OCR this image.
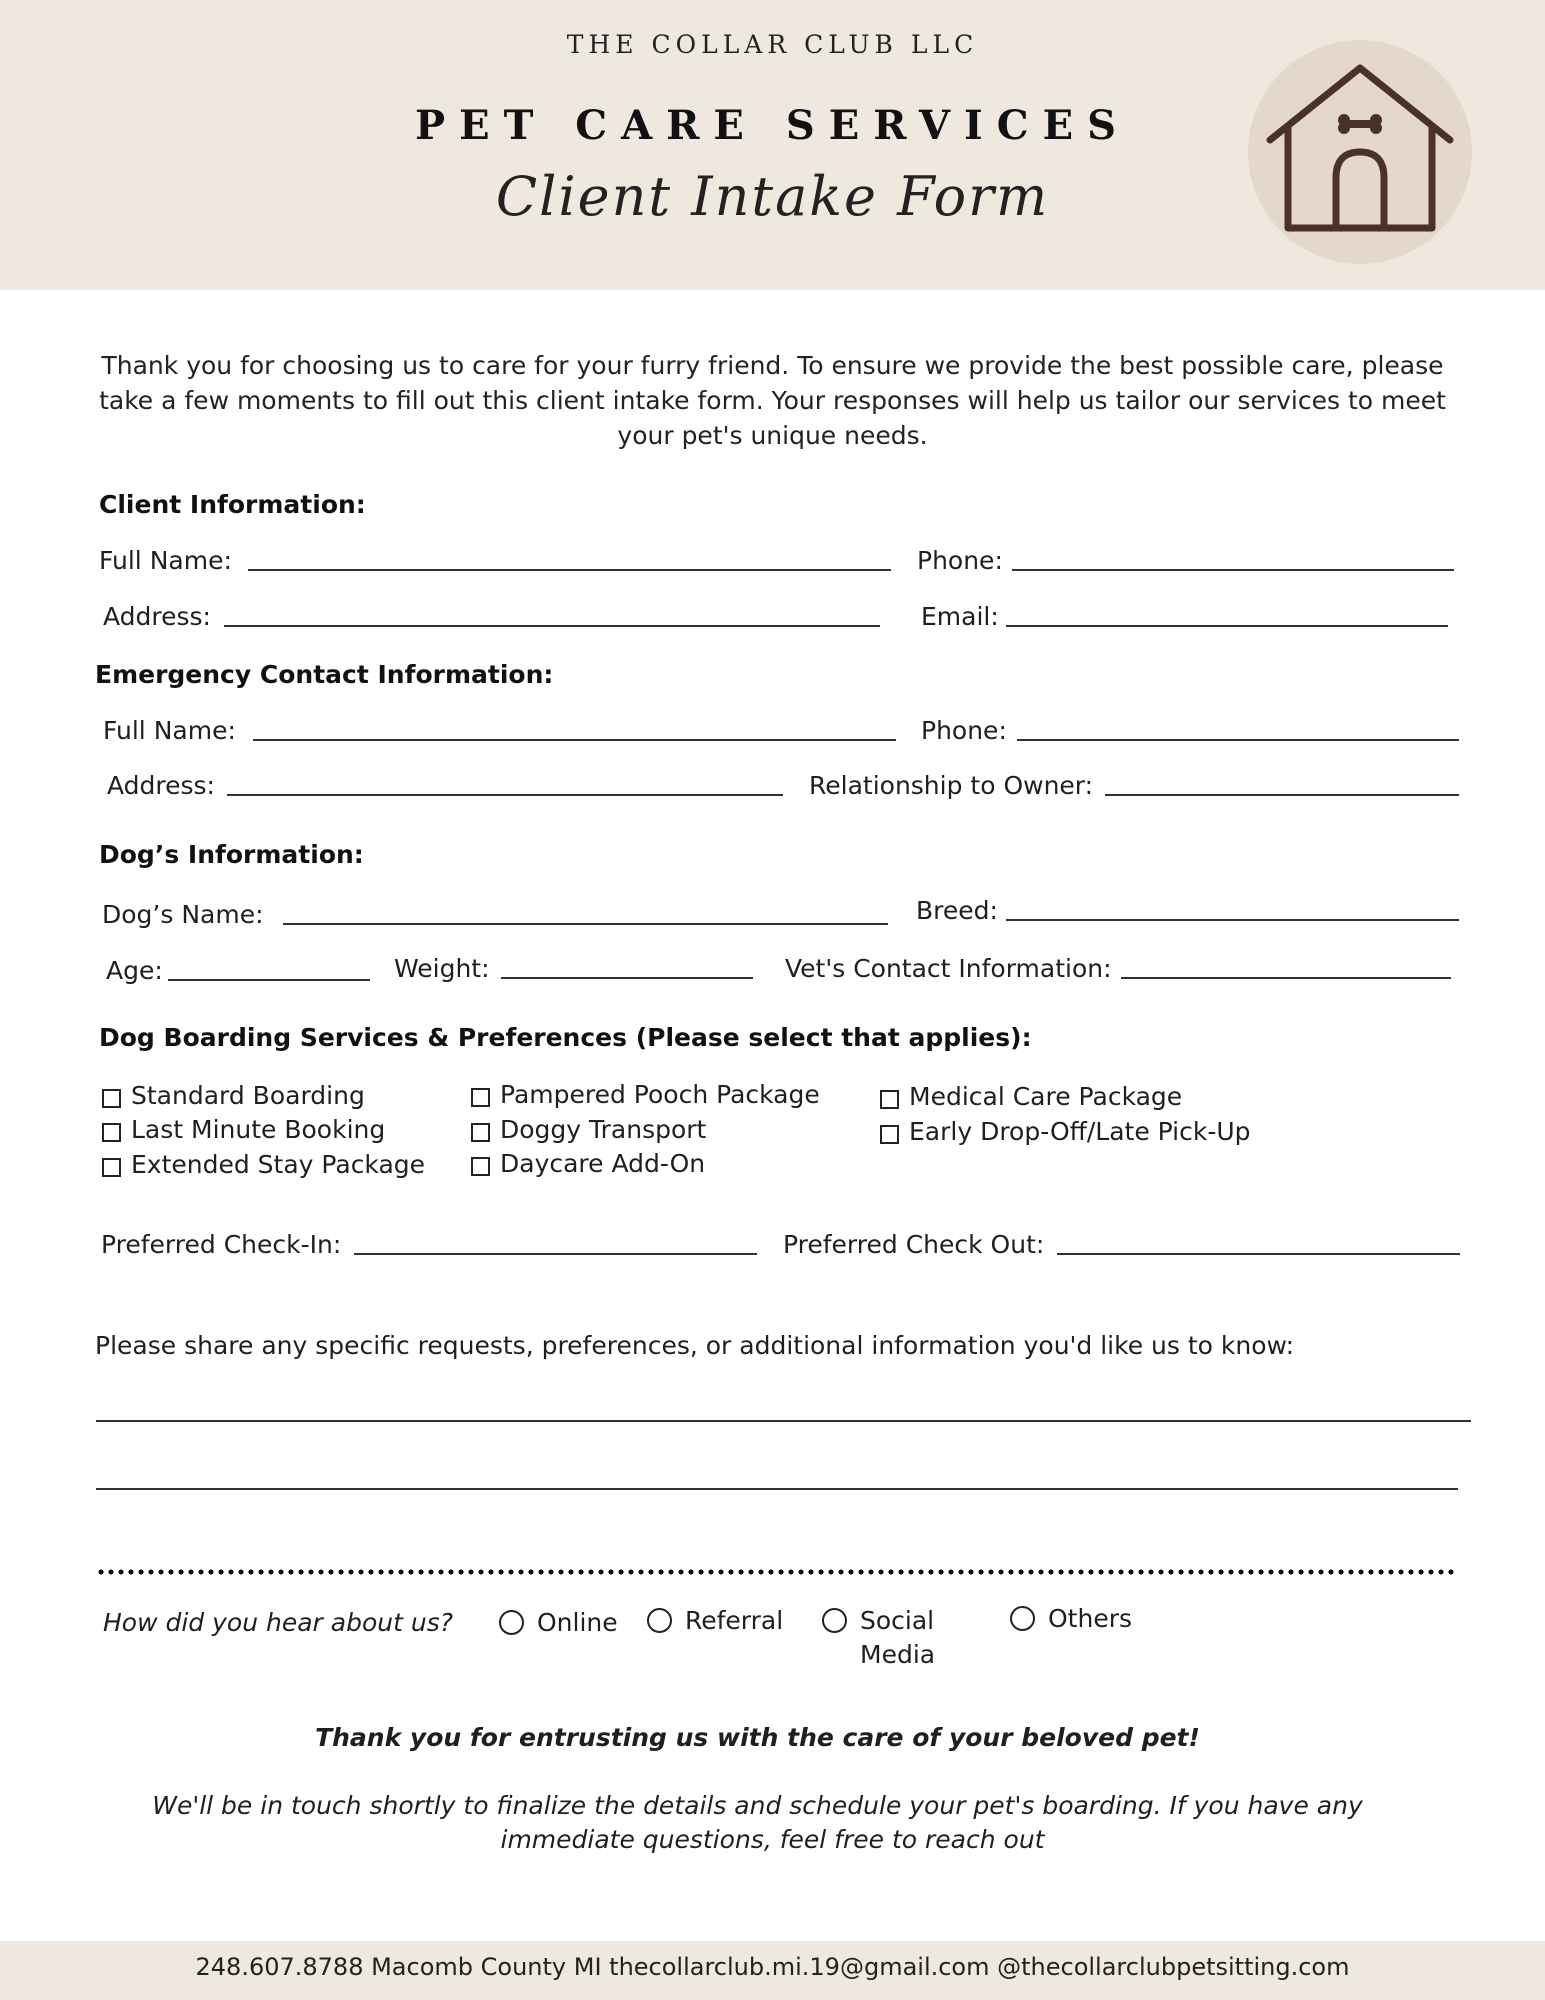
THE COLLAR CLUB LLC
PET CARE SERVICES
Client Intake Form
Thank you for choosing us to care for your furry friend. To ensure we provide the best possible care, please take a few moments to fill out this client intake form. Your responses will help us tailor our services to meet your pet's unique needs.
Client Information:
Full Name:	Phone:
Address:	Email:
Emergency Contact Information:
Full Name:	Phone:
Address:	Relationship to Owner:
Dog’s Information:
Dog’s Name:	Breed:
Age:	Weight:	Vet's Contact Information:
Dog Boarding Services & Preferences (Please select that applies):
Standard Boarding
Last Minute Booking
Extended Stay Package
Pampered Pooch Package
Doggy Transport
Daycare Add-On
Medical Care Package
Early Drop-Off/Late Pick-Up
Preferred Check-In:	Preferred Check Out:
Please share any specific requests, preferences, or additional information you'd like us to know:
How did you hear about us?	Online	Referral	Social
Media
Others
Thank you for entrusting us with the care of your beloved pet!
We'll be in touch shortly to finalize the details and schedule your pet's boarding. If you have any
immediate questions, feel free to reach out
248.607.8788 Macomb County MI thecollarclub.mi.19@gmail.com @thecollarclubpetsitting.com
